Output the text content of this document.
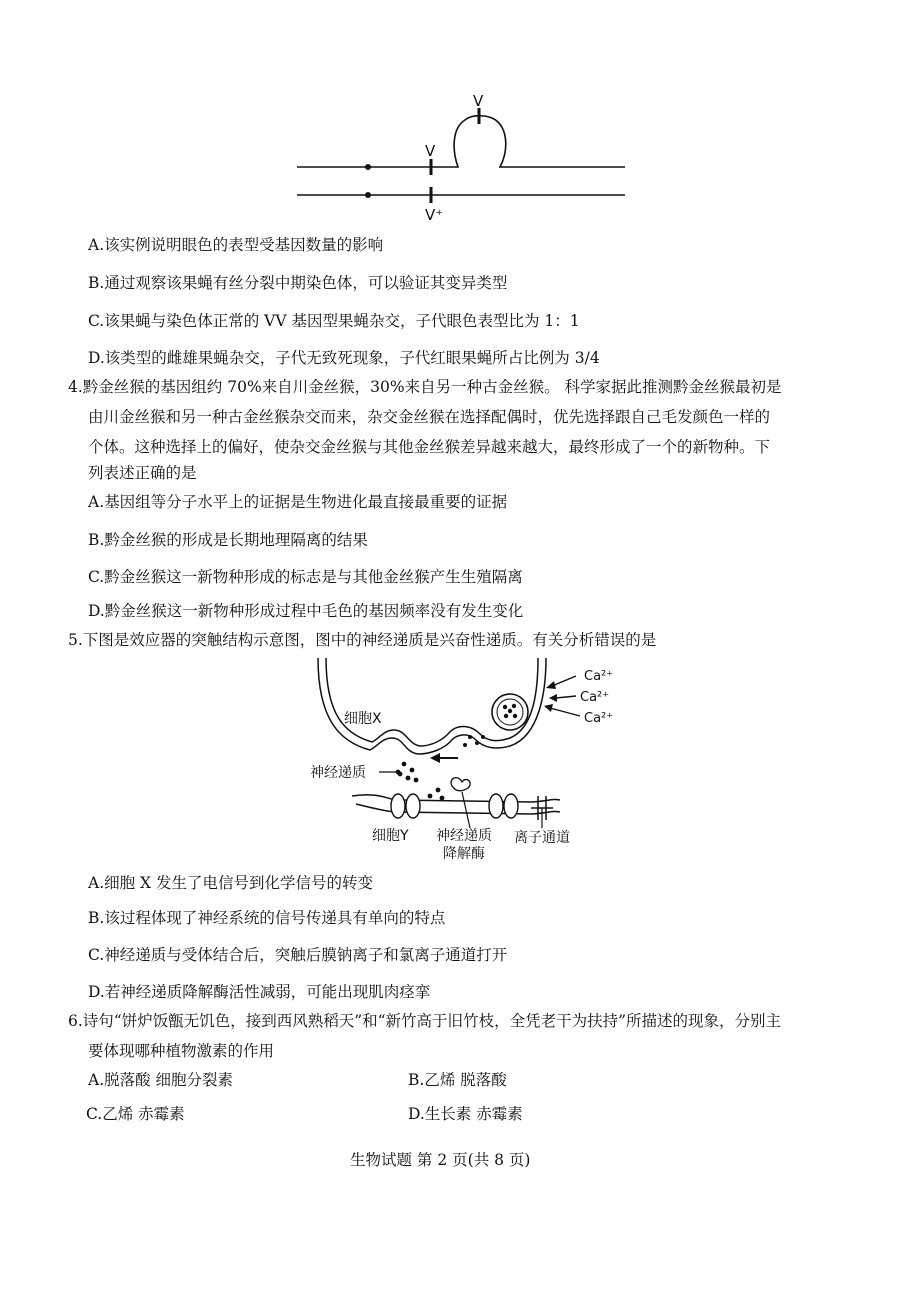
V
V
V⁺
A.该实例说明眼色的表型受基因数量的影响
B.通过观察该果蝇有丝分裂中期染色体，可以验证其变异类型
C.该果蝇与染色体正常的 VV 基因型果蝇杂交，子代眼色表型比为 1：1
D.该类型的雌雄果蝇杂交，子代无致死现象，子代红眼果蝇所占比例为 3/4
4.黔金丝猴的基因组约 70%来自川金丝猴，30%来自另一种古金丝猴。 科学家据此推测黔金丝猴最初是
由川金丝猴和另一种古金丝猴杂交而来，杂交金丝猴在选择配偶时，优先选择跟自己毛发颜色一样的
个体。这种选择上的偏好，使杂交金丝猴与其他金丝猴差异越来越大，最终形成了一个的新物种。下
列表述正确的是
A.基因组等分子水平上的证据是生物进化最直接最重要的证据
B.黔金丝猴的形成是长期地理隔离的结果
C.黔金丝猴这一新物种形成的标志是与其他金丝猴产生生殖隔离
D.黔金丝猴这一新物种形成过程中毛色的基因频率没有发生变化
5.下图是效应器的突触结构示意图，图中的神经递质是兴奋性递质。有关分析错误的是
Ca²⁺
Ca²⁺
Ca²⁺
细胞X
神经递质
细胞Y 神经递质
降解酶
离子通道
A.细胞 X 发生了电信号到化学信号的转变
B.该过程体现了神经系统的信号传递具有单向的特点
C.神经递质与受体结合后，突触后膜钠离子和氯离子通道打开
D.若神经递质降解酶活性减弱，可能出现肌肉痉挛
6.诗句“饼炉饭甑无饥色，接到西风熟稻天”和“新竹高于旧竹枝，全凭老干为扶持”所描述的现象，分别主
要体现哪种植物激素的作用
A.脱落酸 细胞分裂素	B.乙烯 脱落酸
C.乙烯 赤霉素	D.生长素 赤霉素
生物试题 第 2 页(共 8 页)
